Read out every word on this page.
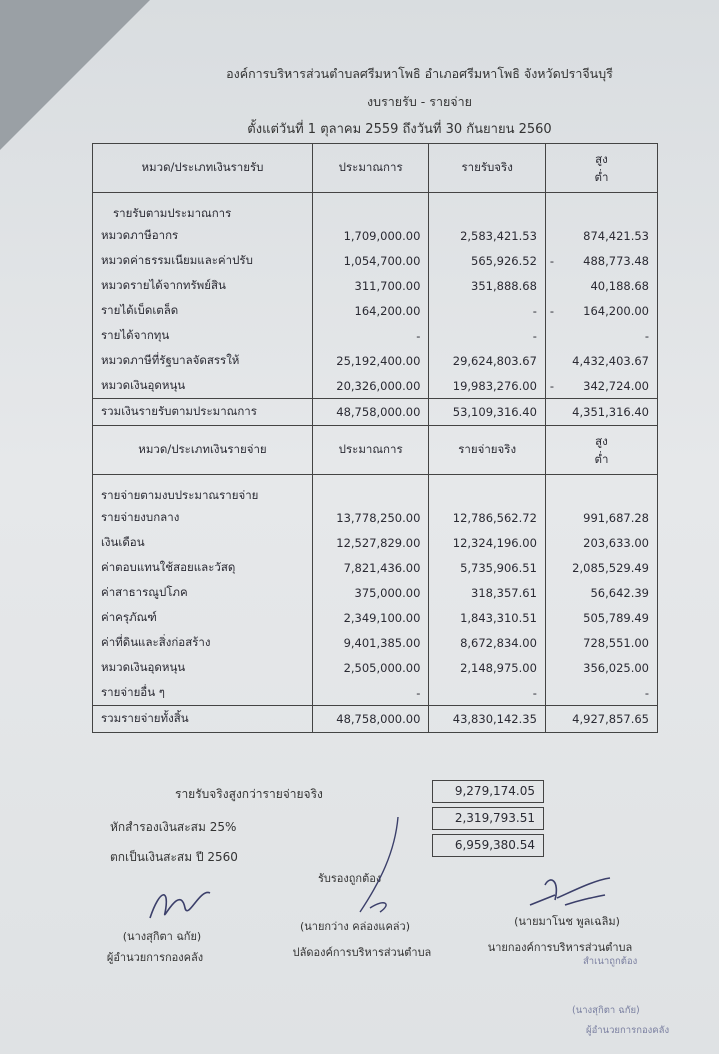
องค์การบริหารส่วนตำบลศรีมหาโพธิ อำเภอศรีมหาโพธิ จังหวัดปราจีนบุรี
งบรายรับ - รายจ่าย
ตั้งแต่วันที่ 1 ตุลาคม 2559 ถึงวันที่ 30 กันยายน 2560
หมวด/ประเภทเงินรายรับ	ประมาณการ	รายรับจริง	สูง
ต่ำ

รายรับตามประมาณการ			
หมวดภาษีอากร	1,709,000.00	2,583,421.53	874,421.53
หมวดค่าธรรมเนียมและค่าปรับ	1,054,700.00	565,926.52	- 488,773.48
หมวดรายได้จากทรัพย์สิน	311,700.00	351,888.68	40,188.68
รายได้เบ็ดเตล็ด	164,200.00	-	- 164,200.00
รายได้จากทุน	-	-	-
หมวดภาษีที่รัฐบาลจัดสรรให้	25,192,400.00	29,624,803.67	4,432,403.67
หมวดเงินอุดหนุน	20,326,000.00	19,983,276.00	- 342,724.00
รวมเงินรายรับตามประมาณการ	48,758,000.00	53,109,316.40	4,351,316.40
หมวด/ประเภทเงินรายจ่าย	ประมาณการ	รายจ่ายจริง	สูง
ต่ำ

รายจ่ายตามงบประมาณรายจ่าย			
รายจ่ายงบกลาง	13,778,250.00	12,786,562.72	991,687.28
เงินเดือน	12,527,829.00	12,324,196.00	203,633.00
ค่าตอบแทนใช้สอยและวัสดุ	7,821,436.00	5,735,906.51	2,085,529.49
ค่าสาธารณูปโภค	375,000.00	318,357.61	56,642.39
ค่าครุภัณฑ์	2,349,100.00	1,843,310.51	505,789.49
ค่าที่ดินและสิ่งก่อสร้าง	9,401,385.00	8,672,834.00	728,551.00
หมวดเงินอุดหนุน	2,505,000.00	2,148,975.00	356,025.00
รายจ่ายอื่น ๆ	-	-	-
รวมรายจ่ายทั้งสิ้น	48,758,000.00	43,830,142.35	4,927,857.65
รายรับจริงสูงกว่ารายจ่ายจริง	9,279,174.05
หักสำรองเงินสะสม 25%
2,319,793.51
ตกเป็นเงินสะสม ปี 2560
6,959,380.54
รับรองถูกต้อง
(นางสุกิตา ฉกัย)
ผู้อำนวยการกองคลัง
(นายกว่าง คล่องแคล่ว)
ปลัดองค์การบริหารส่วนตำบล
(นายมาโนช พูลเฉลิม)
นายกองค์การบริหารส่วนตำบล
สำเนาถูกต้อง
(นางสุกิตา ฉกัย)
ผู้อำนวยการกองคลัง
